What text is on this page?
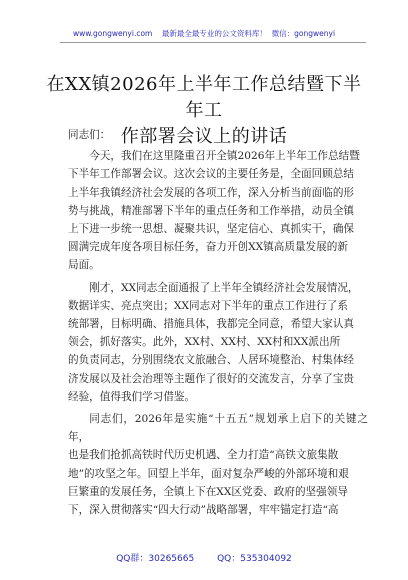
www.gongwenyi.com    最新最全最专业的公文资料库！  微信：gongwenyi
在XX镇2026年上半年工作总结暨下半年工
作部署会议上的讲话

同志们：

今天，我们在这里隆重召开全镇2026年上半年工作总结暨
下半年工作部署会议。这次会议的主要任务是，全面回顾总结
上半年我镇经济社会发展的各项工作，深入分析当前面临的形
势与挑战，精准部署下半年的重点任务和工作举措，动员全镇
上下进一步统一思想、凝聚共识，坚定信心、真抓实干，确保
圆满完成年度各项目标任务，奋力开创XX镇高质量发展的新
局面。

刚才，XX同志全面通报了上半年全镇经济社会发展情况，
数据详实、亮点突出；XX同志对下半年的重点工作进行了系
统部署，目标明确、措施具体，我都完全同意，希望大家认真
领会，抓好落实。此外，XX村、XX村、XX村和XX派出所
的负责同志，分别围绕农文旅融合、人居环境整治、村集体经
济发展以及社会治理等主题作了很好的交流发言，分享了宝贵
经验，值得我们学习借鉴。

同志们，2026年是实施“十五五”规划承上启下的关键之年，
也是我们抢抓高铁时代历史机遇、全力打造“高铁文旅集散
地”的攻坚之年。回望上半年，面对复杂严峻的外部环境和艰
巨繁重的发展任务，全镇上下在XX区党委、政府的坚强领导
下，深入贯彻落实“四大行动”战略部署，牢牢锚定打造“高

QQ群：30265665	QQ：535304092
